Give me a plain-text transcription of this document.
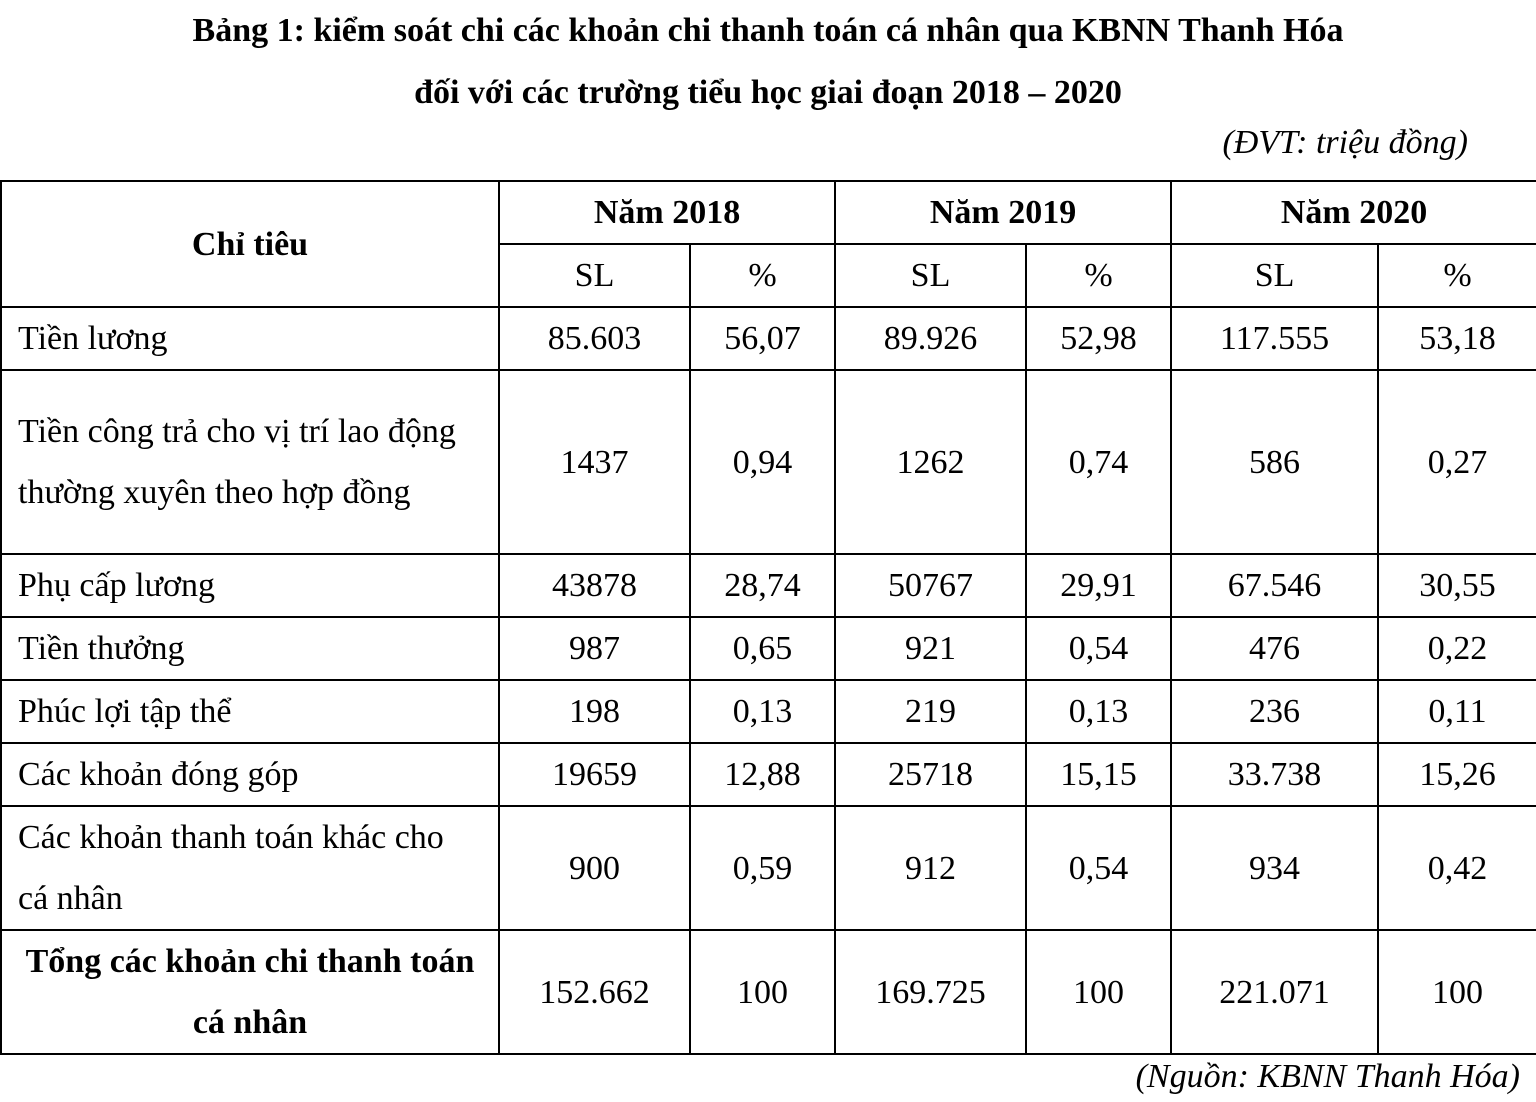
Bảng 1: kiểm soát chi các khoản chi thanh toán cá nhân qua KBNN Thanh Hóa
đối với các trường tiểu học giai đoạn 2018 – 2020
(ĐVT: triệu đồng)
Chỉ tiêu	Năm 2018		Năm 2019		Năm 2020	
	SL	%	SL	%	SL	%
Tiền lương	85.603	56,07	89.926	52,98	117.555	53,18
Tiền công trả cho vị trí lao động thường xuyên theo hợp đồng	1437	0,94	1262	0,74	586	0,27
Phụ cấp lương	43878	28,74	50767	29,91	67.546	30,55
Tiền thưởng	987	0,65	921	0,54	476	0,22
Phúc lợi tập thể	198	0,13	219	0,13	236	0,11
Các khoản đóng góp	19659	12,88	25718	15,15	33.738	15,26
Các khoản thanh toán khác cho cá nhân	900	0,59	912	0,54	934	0,42
Tổng các khoản chi thanh toán cá nhân	152.662	100	169.725	100	221.071	100
(Nguồn: KBNN Thanh Hóa)
